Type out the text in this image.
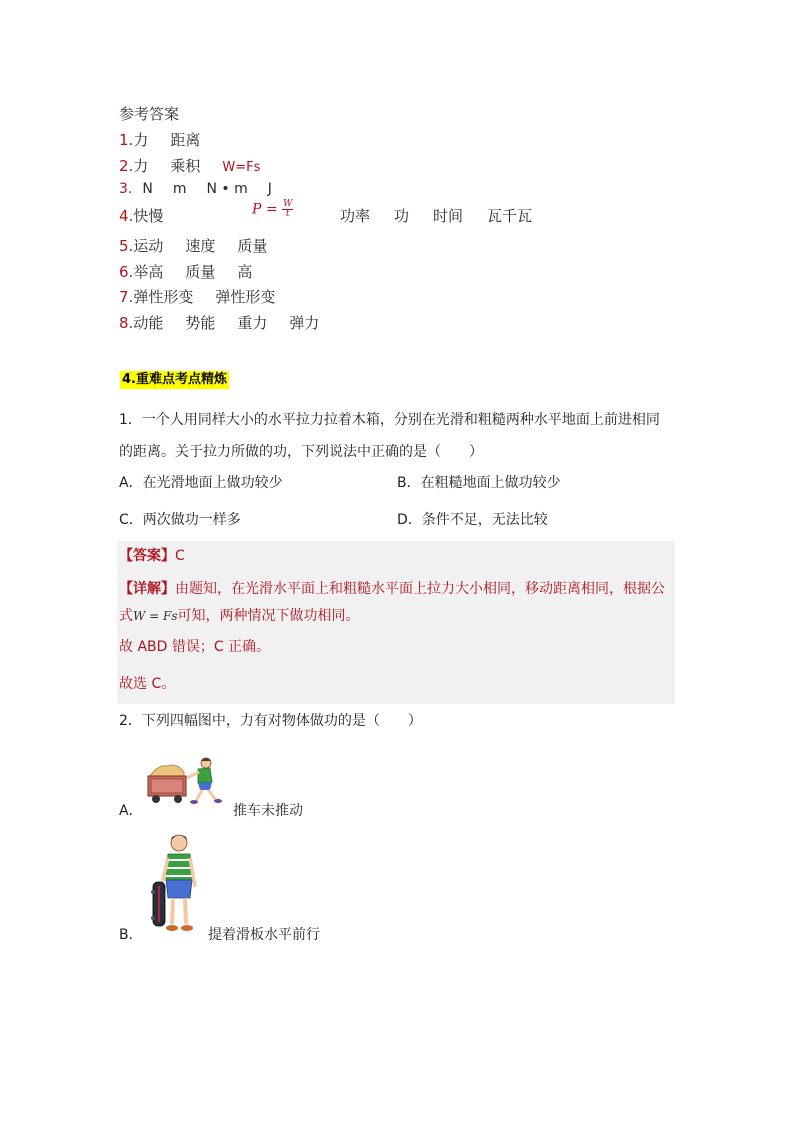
参考答案
1.力 距离
2.力 乘积 W=Fs
3. N m N • m J
4.快慢	$P = \frac{W}{t}$	功率 功 时间 瓦千瓦
5.运动 速度 质量
6.举高 质量 高
7.弹性形变 弹性形变
8.动能 势能 重力 弹力
4.重难点考点精炼
1．一个人用同样大小的水平拉力拉着木箱，分别在光滑和粗糙两种水平地面上前进相同
的距离。关于拉力所做的功，下列说法中正确的是（　　）
A．在光滑地面上做功较少	B．在粗糙地面上做功较少
C．两次做功一样多	D．条件不足，无法比较
【答案】C
【详解】由题知，在光滑水平面上和粗糙水平面上拉力大小相同，移动距离相同，根据公
式W = Fs可知，两种情况下做功相同。
故 ABD 错误；C 正确。
故选 C。
2．下列四幅图中，力有对物体做功的是（　　）
A．	推车未推动
B．	提着滑板水平前行
